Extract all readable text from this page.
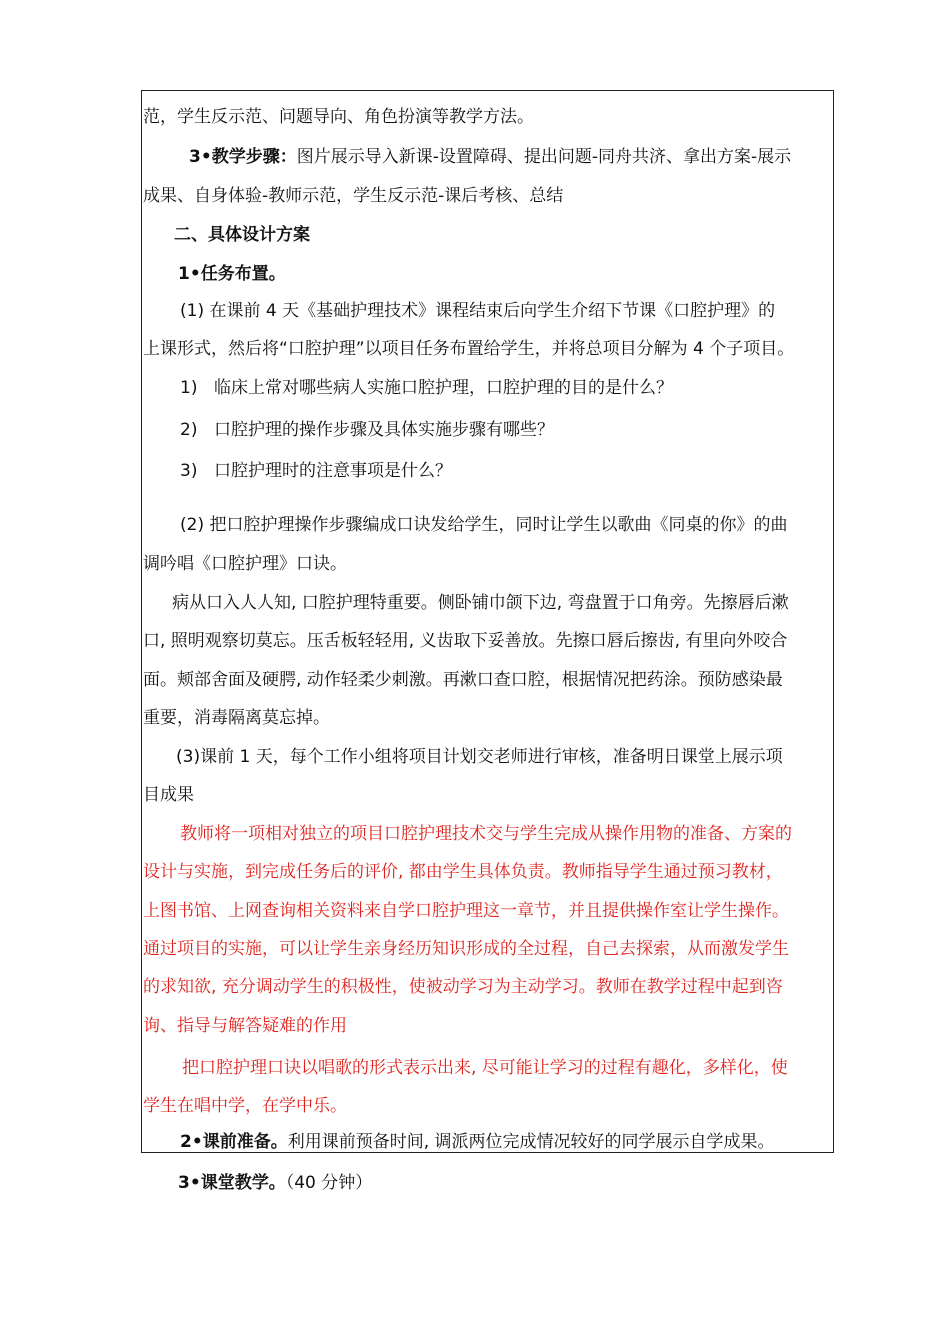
范，学生反示范、问题导向、角色扮演等教学方法。
3•教学步骤：图片展示导入新课-设置障碍、提出问题-同舟共济、拿出方案-展示
成果、自身体验-教师示范，学生反示范-课后考核、总结
二、具体设计方案
1•任务布置。
(1) 在课前 4 天《基础护理技术》课程结束后向学生介绍下节课《口腔护理》的
上课形式，然后将“口腔护理”以项目任务布置给学生，并将总项目分解为 4 个子项目。
1) 临床上常对哪些病人实施口腔护理，口腔护理的目的是什么？
2) 口腔护理的操作步骤及具体实施步骤有哪些？
3) 口腔护理时的注意事项是什么？
(2) 把口腔护理操作步骤编成口诀发给学生，同时让学生以歌曲《同桌的你》的曲
调吟唱《口腔护理》口诀。
病从口入人人知, 口腔护理特重要。侧卧铺巾颌下边, 弯盘置于口角旁。先擦唇后漱
口, 照明观察切莫忘。压舌板轻轻用, 义齿取下妥善放。先擦口唇后擦齿, 有里向外咬合
面。颊部舍面及硬腭, 动作轻柔少刺激。再漱口查口腔，根据情况把药涂。预防感染最
重要，消毒隔离莫忘掉。
(3)课前 1 天，每个工作小组将项目计划交老师进行审核，准备明日课堂上展示项
目成果
教师将一项相对独立的项目口腔护理技术交与学生完成从操作用物的准备、方案的
设计与实施，到完成任务后的评价, 都由学生具体负责。教师指导学生通过预习教材，
上图书馆、上网查询相关资料来自学口腔护理这一章节，并且提供操作室让学生操作。
通过项目的实施，可以让学生亲身经历知识形成的全过程，自己去探索，从而激发学生
的求知欲, 充分调动学生的积极性，使被动学习为主动学习。教师在教学过程中起到咨
询、指导与解答疑难的作用
把口腔护理口诀以唱歌的形式表示出来, 尽可能让学习的过程有趣化，多样化，使
学生在唱中学，在学中乐。
2•课前准备。利用课前预备时间, 调派两位完成情况较好的同学展示自学成果。
3•课堂教学。（40 分钟）
